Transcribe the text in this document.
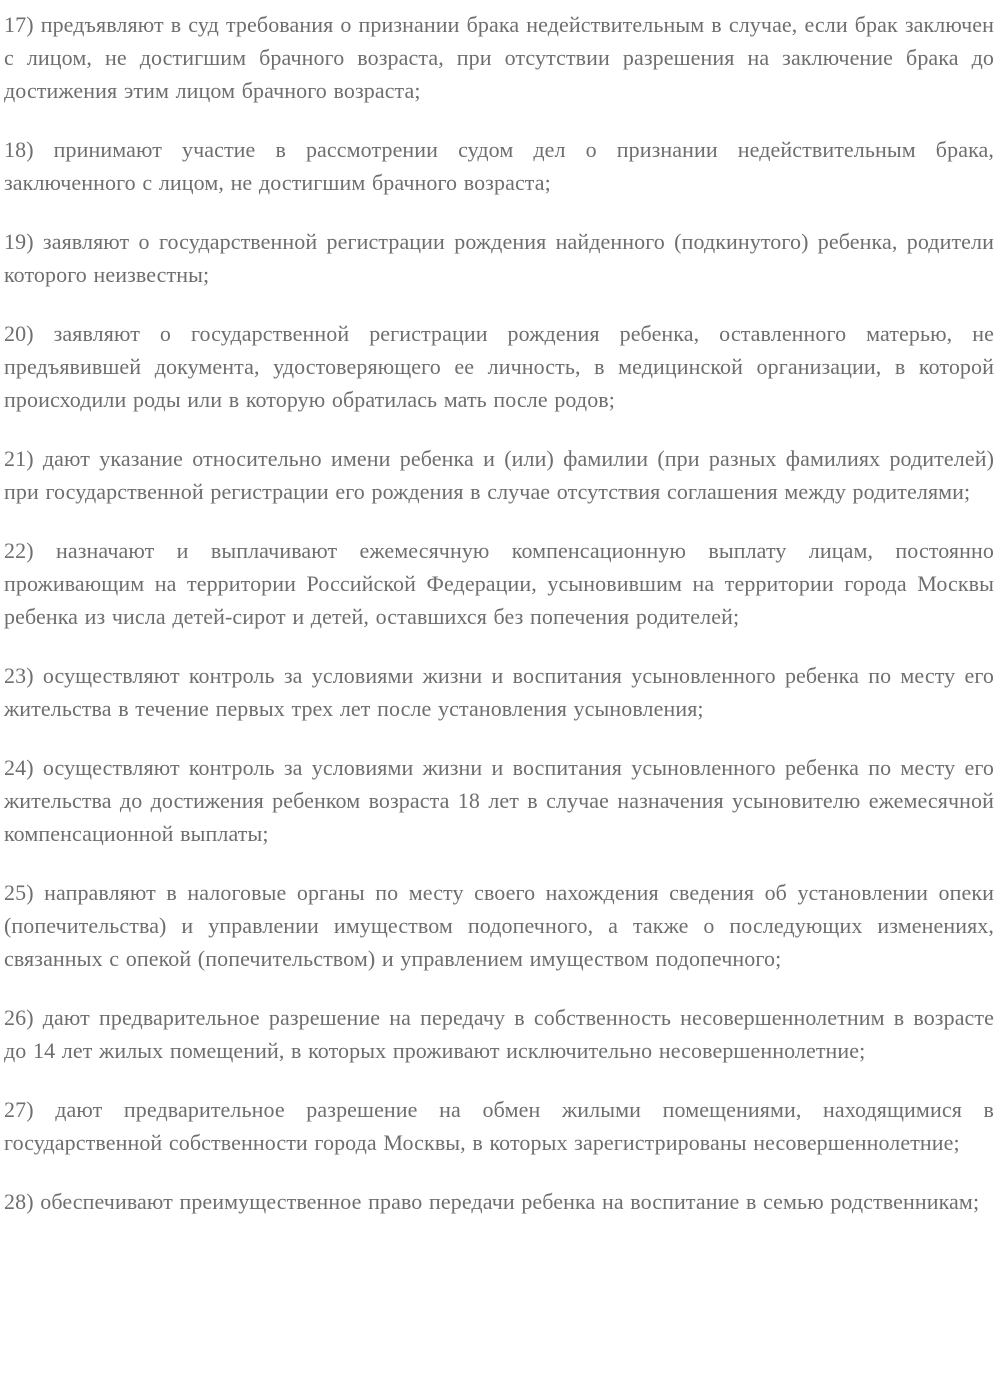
17) предъявляют в суд требования о признании брака недействительным в случае, если брак заключен с лицом, не достигшим брачного возраста, при отсутствии разрешения на заключение брака до достижения этим лицом брачного возраста;

18) принимают участие в рассмотрении судом дел о признании недействительным брака, заключенного с лицом, не достигшим брачного возраста;

19) заявляют о государственной регистрации рождения найденного (подкинутого) ребенка, родители которого неизвестны;

20) заявляют о государственной регистрации рождения ребенка, оставленного матерью, не предъявившей документа, удостоверяющего ее личность, в медицинской организации, в которой происходили роды или в которую обратилась мать после родов;

21) дают указание относительно имени ребенка и (или) фамилии (при разных фамилиях родителей) при государственной регистрации его рождения в случае отсутствия соглашения между родителями;

22) назначают и выплачивают ежемесячную компенсационную выплату лицам, постоянно проживающим на территории Российской Федерации, усыновившим на территории города Москвы ребенка из числа детей-сирот и детей, оставшихся без попечения родителей;

23) осуществляют контроль за условиями жизни и воспитания усыновленного ребенка по месту его жительства в течение первых трех лет после установления усыновления;

24) осуществляют контроль за условиями жизни и воспитания усыновленного ребенка по месту его жительства до достижения ребенком возраста 18 лет в случае назначения усыновителю ежемесячной компенсационной выплаты;

25) направляют в налоговые органы по месту своего нахождения сведения об установлении опеки (попечительства) и управлении имуществом подопечного, а также о последующих изменениях, связанных с опекой (попечительством) и управлением имуществом подопечного;

26) дают предварительное разрешение на передачу в собственность несовершеннолетним в возрасте до 14 лет жилых помещений, в которых проживают исключительно несовершеннолетние;

27) дают предварительное разрешение на обмен жилыми помещениями, находящимися в государственной собственности города Москвы, в которых зарегистрированы несовершеннолетние;

28) обеспечивают преимущественное право передачи ребенка на воспитание в семью родственникам;
